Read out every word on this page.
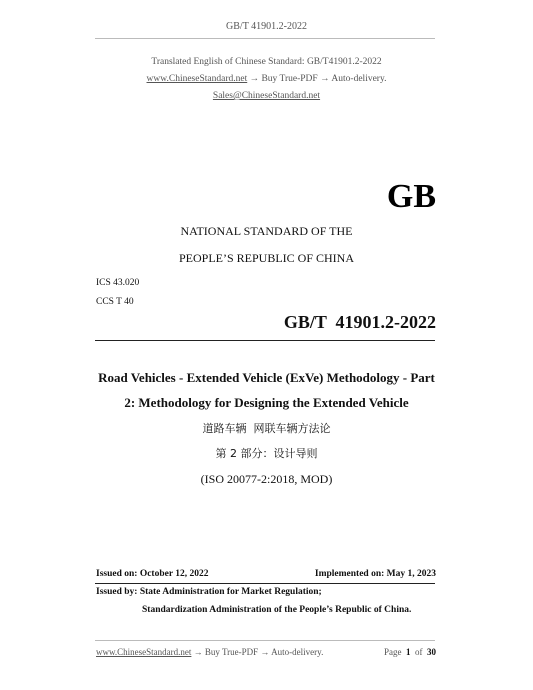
GB/T 41901.2-2022
Translated English of Chinese Standard: GB/T41901.2-2022
www.ChineseStandard.net → Buy True-PDF → Auto-delivery.
Sales@ChineseStandard.net
GB
NATIONAL STANDARD OF THE
PEOPLE’S REPUBLIC OF CHINA
ICS 43.020
CCS T 40
GB/T  41901.2-2022
Road Vehicles - Extended Vehicle (ExVe) Methodology - Part
2: Methodology for Designing the Extended Vehicle
道路车辆  网联车辆方法论
第 2 部分：设计导则
(ISO 20077-2:2018, MOD)
Issued on: October 12, 2022	Implemented on: May 1, 2023
Issued by: State Administration for Market Regulation;
Standardization Administration of the People’s Republic of China.
www.ChineseStandard.net → Buy True-PDF → Auto-delivery.	Page 1 of 30
